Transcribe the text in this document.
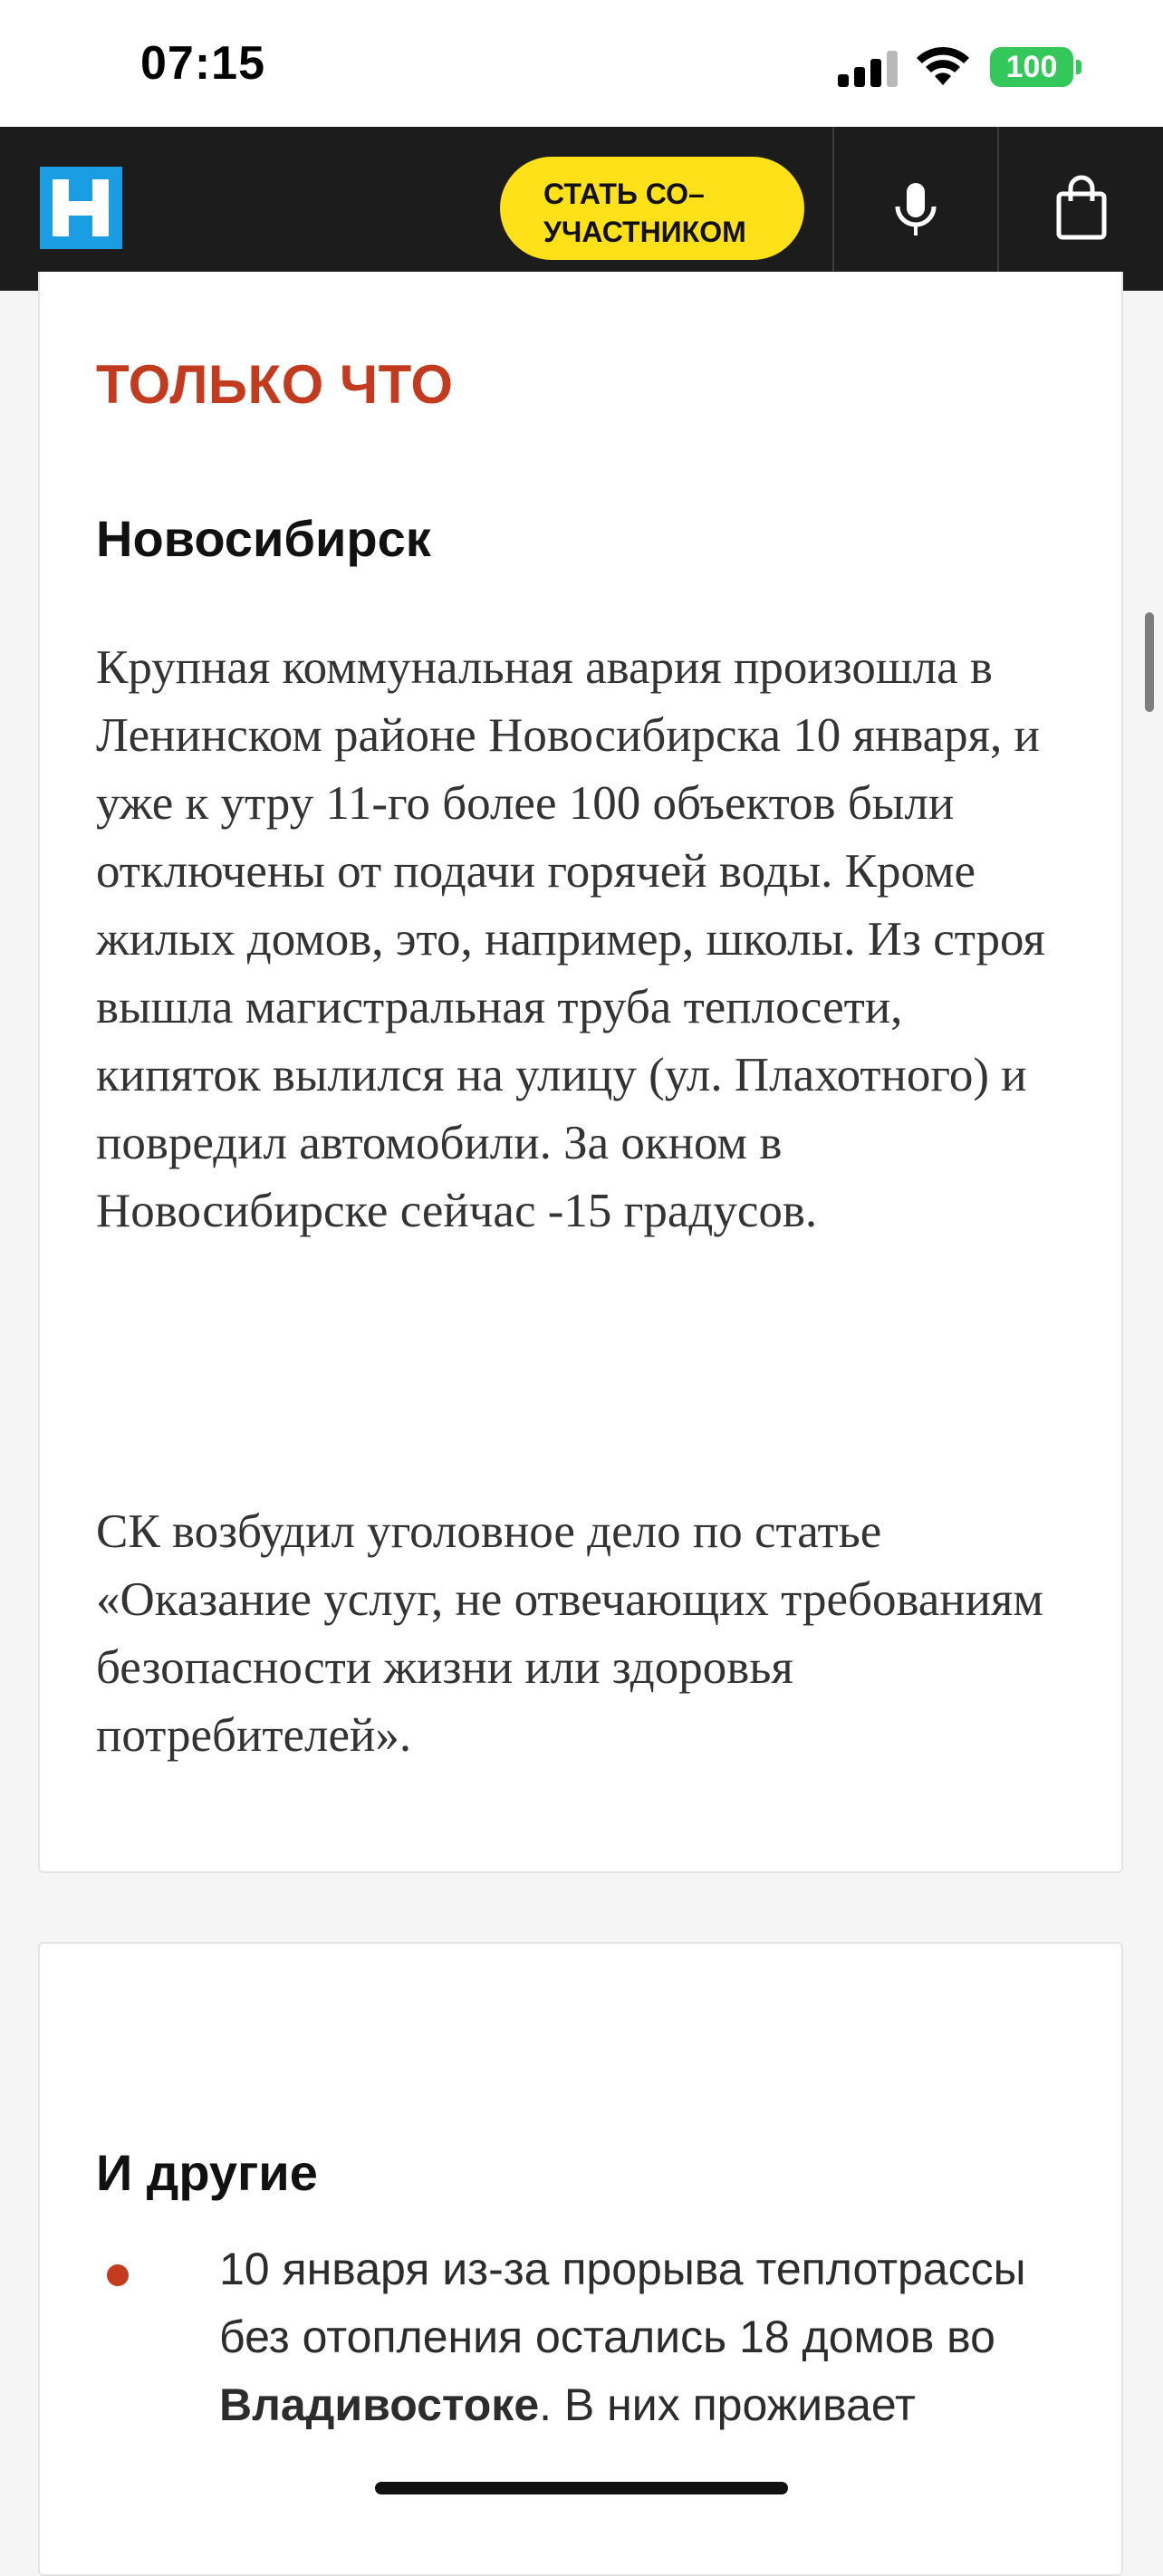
07:15	100
СТАТЬ СО–
УЧАСТНИКОМ
ТОЛЬКО ЧТО
Новосибирск
Крупная коммунальная авария произошла в Ленинском районе Новосибирска 10 января, и уже к утру 11-го более 100 объектов были отключены от подачи горячей воды. Кроме жилых домов, это, например, школы. Из строя вышла магистральная труба теплосети, кипяток вылился на улицу (ул. Плахотного) и повредил автомобили. За окном в Новосибирске сейчас -15 градусов.
СК возбудил уголовное дело по статье «Оказание услуг, не отвечающих требованиям безопасности жизни или здоровья потребителей».
И другие
10 января из-за прорыва теплотрассы без отопления остались 18 домов во Владивостоке. В них проживает
